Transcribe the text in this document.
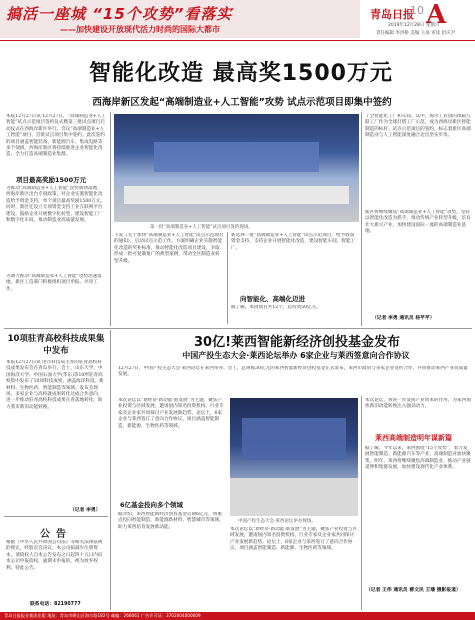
搞活一座城 “15个攻势”看落实
——加快建设开放现代活力时尚的国际大都市
青岛日报
10 A
2019年12月28日 星期六
責任编辑 李洪桥 美编 王岗 审读 赵庆尹
智能化改造 最高奖1500万元
西海岸新区发起“高端制造业+人工智能”攻势 试点示范项目即集中签约
本报12月27日讯 12月27日，“高端制造业+人工智能”试点示范项目签约仪式暨第三批试点项目启动仪式在西海岸新区举行。会议“高端制造业+人工智能”项目、首批试点项目集中签约。此次签约的项目涵盖智能装备、新能源汽车、集成电路等多个领域，西海岸新区将持续推进企业智能化改造，全力打造高端制造业集群。
项目最高奖励1500万元
为推动“高端制造业+人工智能”攻势加快落地，西海岸新区出台专项政策，对企业实施智能化改造给予资金支持，单个项目最高奖励1500万元。同时，新区还设立专项资金支持工业互联网平台建设，鼓励企业开展数字化转型，建设智能工厂和数字化车间，推动制造业高质量发展。
为调力推动“高端制造业+人工智能”攻势迅速落地，新区工信部门积极组织项目申报、评审工作。
第一批“高端制造业+人工智能”试点项目签约现场。
下发《关于加快“高端制造业+人工智能”试点示范项目的通知》，启动试点示范工作。方案明确企业实施智能化改造的奖补标准，推动智能化改造项目建设，争取形成一批可复制推广的典型案例，带动全区制造业转型升级。
新选择一批“高端制造业+人工智能”试点示范项目，给予政策资金支持，支持企业开展智能化改造，建设智能车间、智能工厂。
向智能化、高端化迈进
据了解，本批项目共12个，总投资50亿元。
了全智能化工厂和车间。其中，海尔工业园的冰箱互联工厂作为全球灯塔工厂示范，成为西海岸新区智能制造的标杆。试点示范项目的签约，标志着新区高端制造业与人工智能深度融合迈出坚实步伐。
新区将继续聚焦“高端制造业+人工智能”攻势，坚持以智能化改造为抓手，推动传统产业转型升级，培育壮大新兴产业，加快建设国际一流的高端制造业基地。
（记者 李勇 通讯员 杨芊芊）
10项驻青高校科技成果集中发布
本报12月27日讯 由市科技局主办的驻青高校科技成果发布会在青岛举行。会上，山东大学、中国海洋大学、中国石油大学(华东)等10所驻青高校集中发布了10项科技成果，涵盖海洋科技、新材料、生物医药、智能制造等领域。发布会现场，多家企业与高校就成果转化达成合作意向，进一步推动驻青高校科技成果在青落地转化，助力我市新旧动能转换。
（记者 李勇）
公告
根据《中华人民共和国公司法》等相关法律法规的规定，经股东会决议，本公司拟减少注册资本，请债权人自本公告发布之日起四十五日内向本公司申报债权，逾期未申报的，视为放弃权利。特此公告。
联系电话：82190777
30亿!莱西智能新经济创投基金发布
中国产投生态大会·莱西论坛举办 6家企业与莱西签意向合作协议
12月27日，中国产投生态大会·莱西论坛在莱西举办。会上，总规模30亿元的莱西智能新经济创投基金正式发布，莱西市政府与多家企业签约合作，共同推动莱西产业高质量发展。
本次论坛以“新经济·新动能·新发展”为主题，聚焦产业投资与区域发展，邀请国内知名投资机构、行业专家及企业家共同探讨产业发展新趋势。论坛上，6家企业与莱西签订了意向合作协议，项目涵盖智能制造、新能源、生物医药等领域。
6亿基金投向多个领域
据介绍，莱西智能新经济创投基金首期6亿元，将重点投向智能制造、新能源新材料、智慧城市等领域，助力莱西培育发展新动能。
中国产投生态大会·莱西论坛举办现场。
本次论坛以“新经济·新动能·新发展”为主题，聚焦产业投资与区域发展，邀请国内知名投资机构、行业专家及企业家共同探讨产业发展新趋势。论坛上，6家企业与莱西签订了意向合作协议，项目涵盖智能制造、新能源、生物医药等领域。
本次论坛，将进一步发挥产业资本的作用，为莱西加快新旧动能转换注入强劲动力。
莱西高端制造明年谋新篇
据了解，今年以来，莱西围绕“15个攻势”，着力发展智能制造、新能源汽车等产业，高端制造业加快聚集。明年，莱西将继续聚焦高端制造业，推动产业链延伸和集群发展，加快建设现代化产业体系。
（记者 王伟 通讯员 柳文民 王璠 摄影报道）
青岛日报报业集团出版 地址：青岛市崂山区海尔路182号 邮编：266061 广告许可证：3702004000009
